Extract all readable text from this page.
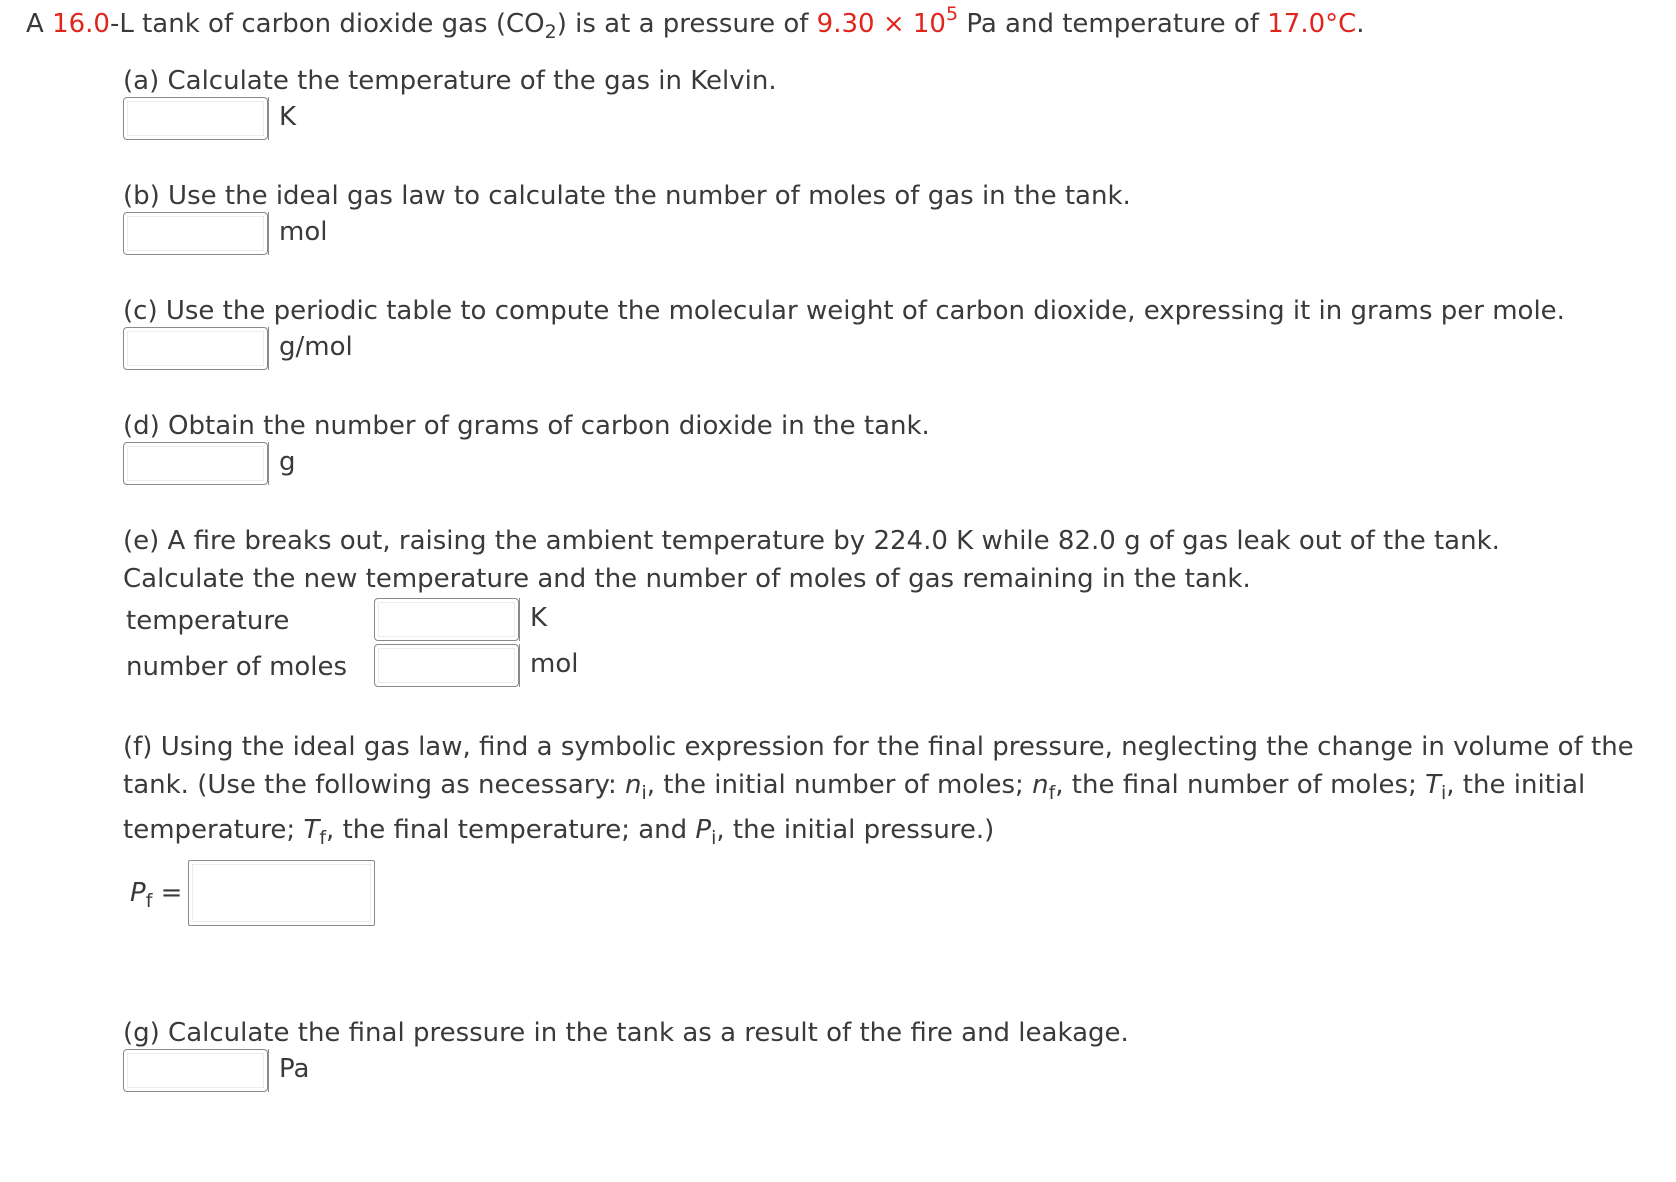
A 16.0-L tank of carbon dioxide gas $(CO_2)$ is at a pressure of $9.30 \times 10^5$ Pa and temperature of 17.0°C.
(a) Calculate the temperature of the gas in Kelvin.
K
(b) Use the ideal gas law to calculate the number of moles of gas in the tank.
mol
(c) Use the periodic table to compute the molecular weight of carbon dioxide, expressing it in grams per mole.
g/mol
(d) Obtain the number of grams of carbon dioxide in the tank.
g
(e) A fire breaks out, raising the ambient temperature by 224.0 K while 82.0 g of gas leak out of the tank.
Calculate the new temperature and the number of moles of gas remaining in the tank.
temperature	K
number of moles	mol
(f) Using the ideal gas law, find a symbolic expression for the final pressure, neglecting the change in volume of the
tank. (Use the following as necessary: $n_i$, the initial number of moles; $n_f$, the final number of moles; $T_i$, the initial
temperature; $T_f$, the final temperature; and $P_i$, the initial pressure.)
$P_f$ =
(g) Calculate the final pressure in the tank as a result of the fire and leakage.
Pa
